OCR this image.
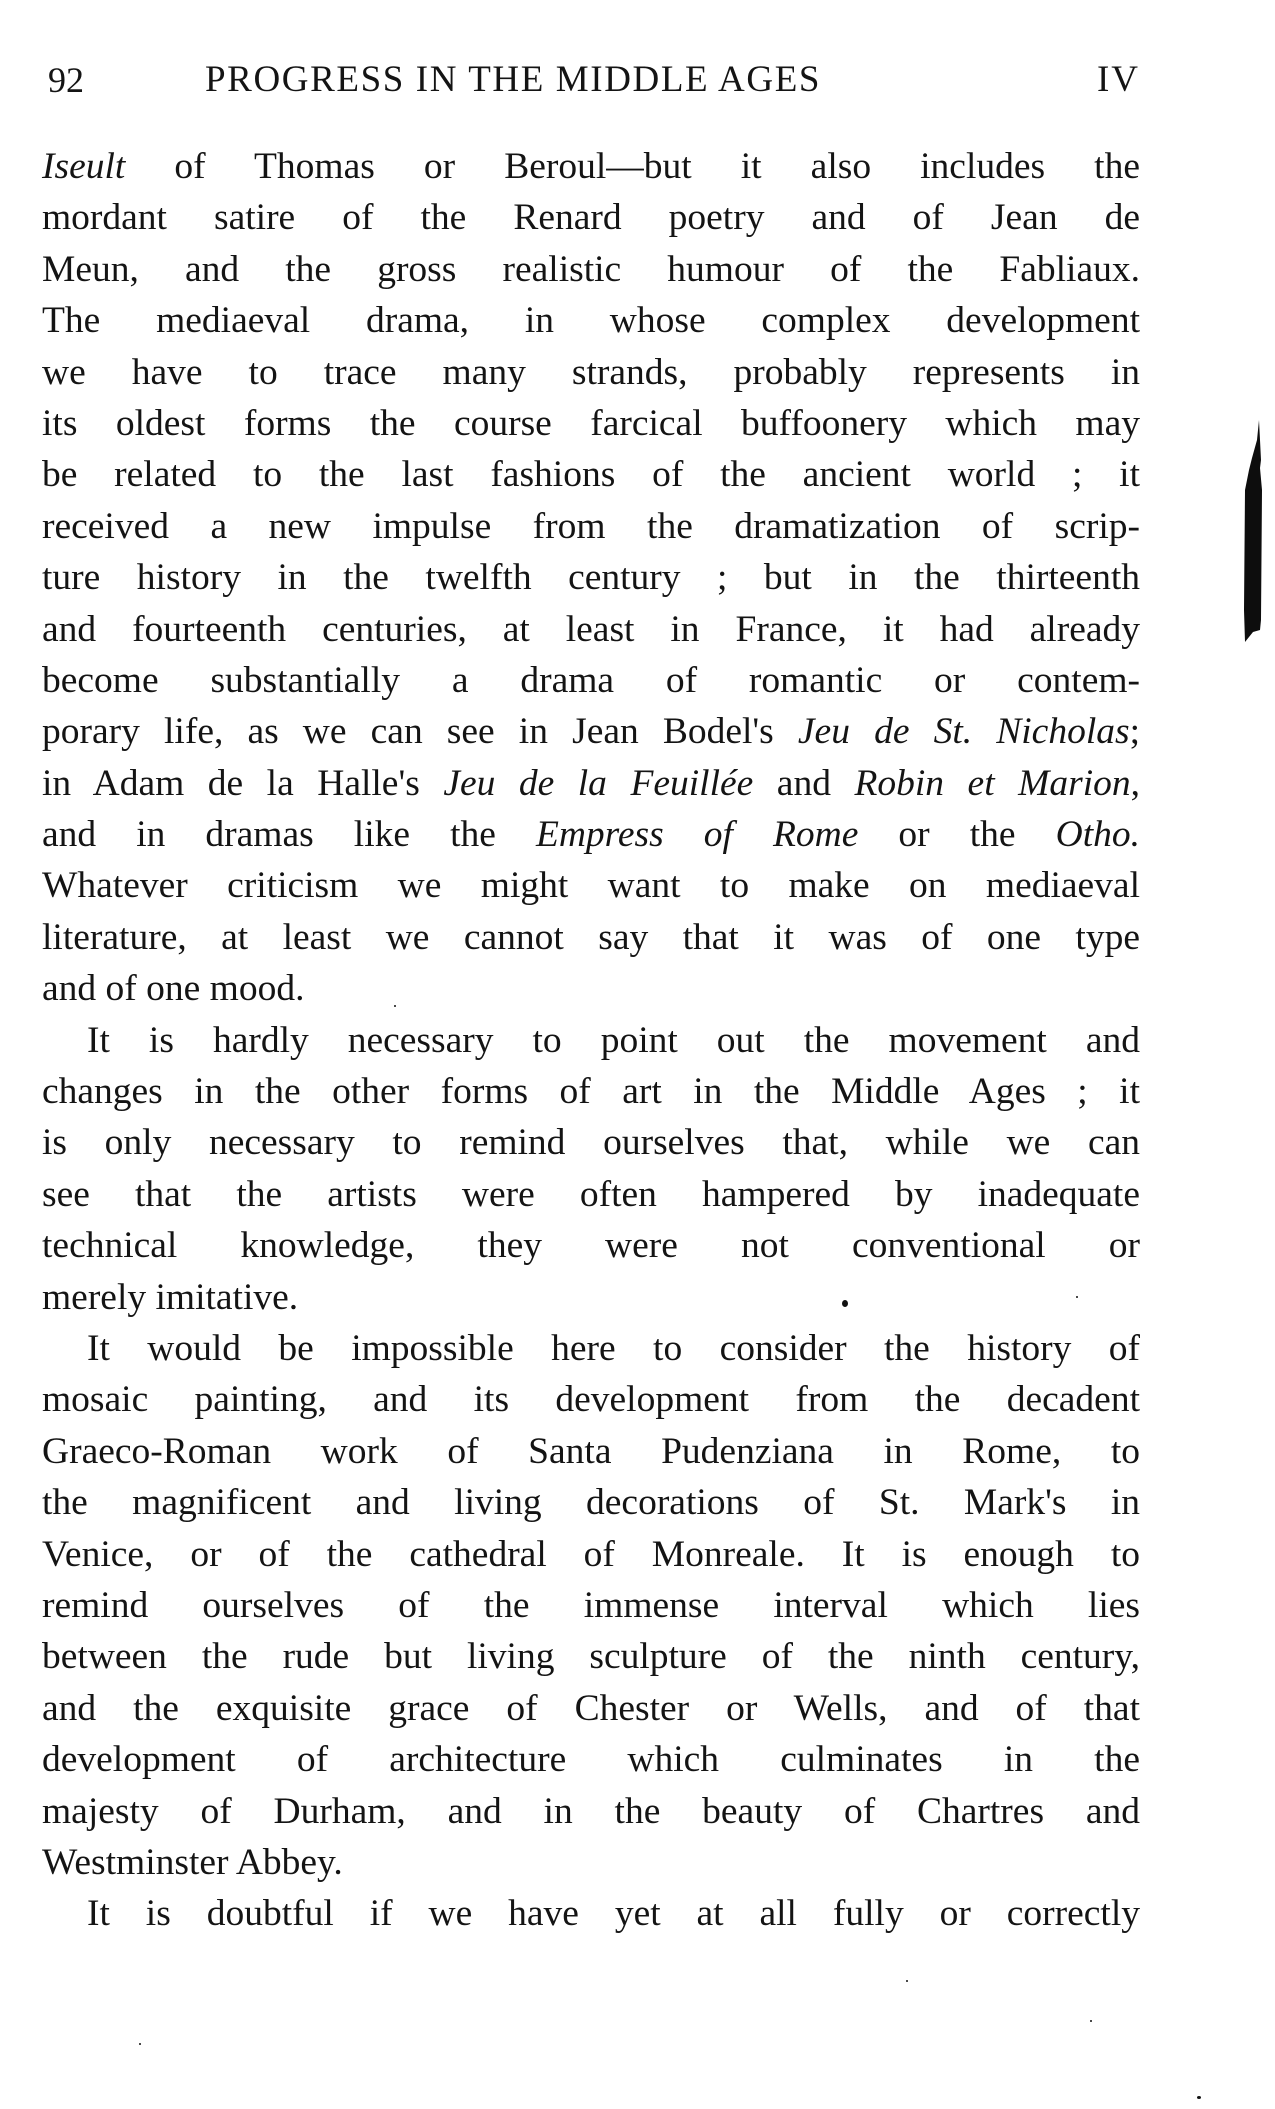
92	PROGRESS IN THE MIDDLE AGES	IV
Iseult of Thomas or Beroul—but it also includes the
mordant satire of the Renard poetry and of Jean de
Meun, and the gross realistic humour of the Fabliaux.
The mediaeval drama, in whose complex development
we have to trace many strands, probably represents in
its oldest forms the course farcical buffoonery which may
be related to the last fashions of the ancient world ; it
received a new impulse from the dramatization of scrip-
ture history in the twelfth century ; but in the thirteenth
and fourteenth centuries, at least in France, it had already
become substantially a drama of romantic or contem-
porary life, as we can see in Jean Bodel's Jeu de St. Nicholas;
in Adam de la Halle's Jeu de la Feuillée and Robin et Marion,
and in dramas like the Empress of Rome or the Otho.
Whatever criticism we might want to make on mediaeval
literature, at least we cannot say that it was of one type
and of one mood.
It is hardly necessary to point out the movement and
changes in the other forms of art in the Middle Ages ; it
is only necessary to remind ourselves that, while we can
see that the artists were often hampered by inadequate
technical knowledge, they were not conventional or
merely imitative.
It would be impossible here to consider the history of
mosaic painting, and its development from the decadent
Graeco-Roman work of Santa Pudenziana in Rome, to
the magnificent and living decorations of St. Mark's in
Venice, or of the cathedral of Monreale. It is enough to
remind ourselves of the immense interval which lies
between the rude but living sculpture of the ninth century,
and the exquisite grace of Chester or Wells, and of that
development of architecture which culminates in the
majesty of Durham, and in the beauty of Chartres and
Westminster Abbey.
It is doubtful if we have yet at all fully or correctly
